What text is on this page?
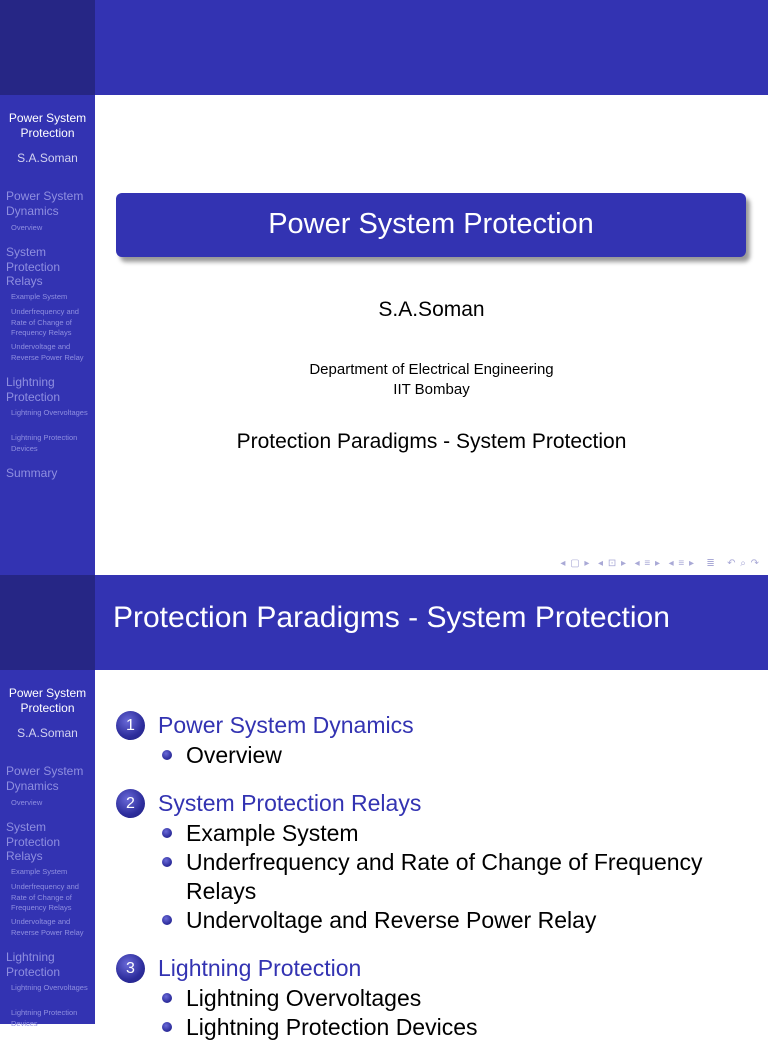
Power System Protection
S.A.Soman
Power System Dynamics
Overview
System Protection Relays
Example System
Underfrequency and Rate of Change of Frequency Relays
Undervoltage and Reverse Power Relay
Lightning Protection
Lightning Overvoltages
Lightning Protection Devices
Summary
Power System Protection
S.A.Soman
Department of Electrical Engineering
IIT Bombay
Protection Paradigms - System Protection
◂ ▢ ▸ ◂ ⊡ ▸ ◂ ≡ ▸ ◂ ≡ ▸ ≣ ↶ ⌕ ↷
Power System Protection
S.A.Soman
Power System Dynamics
Overview
System Protection Relays
Example System
Underfrequency and Rate of Change of Frequency Relays
Undervoltage and Reverse Power Relay
Lightning Protection
Lightning Overvoltages
Lightning Protection Devices
Protection Paradigms - System Protection
1	Power System Dynamics
Overview
2	System Protection Relays
Example System
Underfrequency and Rate of Change of Frequency
Relays
Undervoltage and Reverse Power Relay
3	Lightning Protection
Lightning Overvoltages
Lightning Protection Devices
